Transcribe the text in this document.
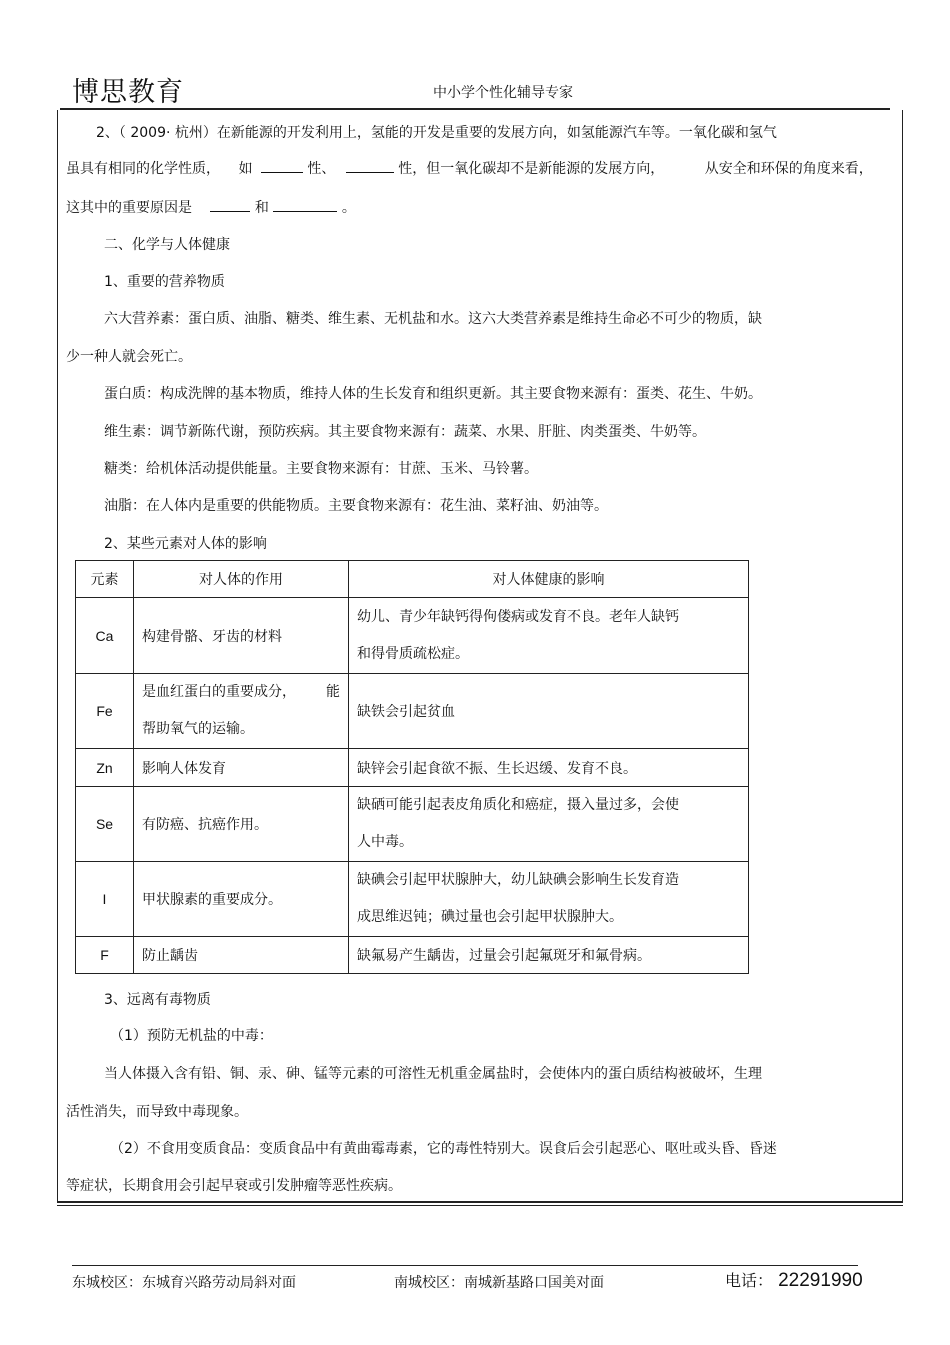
博思教育	中小学个性化辅导专家
2、（ 2009· 杭州）在新能源的开发利用上，氢能的开发是重要的发展方向，如氢能源汽车等。一氧化碳和氢气
虽具有相同的化学性质， 如	性、	性，但一氧化碳却不是新能源的发展方向，	从安全和环保的角度来看，
这其中的重要原因是	和	。
二、化学与人体健康
1、重要的营养物质
六大营养素：蛋白质、油脂、糖类、维生素、无机盐和水。这六大类营养素是维持生命必不可少的物质，缺
少一种人就会死亡。
蛋白质：构成洗牌的基本物质，维持人体的生长发育和组织更新。其主要食物来源有：蛋类、花生、牛奶。
维生素：调节新陈代谢，预防疾病。其主要食物来源有：蔬菜、水果、肝脏、肉类蛋类、牛奶等。
糖类：给机体活动提供能量。主要食物来源有：甘蔗、玉米、马铃薯。
油脂：在人体内是重要的供能物质。主要食物来源有：花生油、菜籽油、奶油等。
2、某些元素对人体的影响
元素	对人体的作用	对人体健康的影响
Ca	构建骨骼、牙齿的材料	幼儿、青少年缺钙得佝偻病或发育不良。老年人缺钙
和得骨质疏松症。

Fe	是血红蛋白的重要成分， 能
帮助氧气的运输。	缺铁会引起贫血
Zn	影响人体发育	缺锌会引起食欲不振、生长迟缓、发育不良。
Se	有防癌、抗癌作用。	缺硒可能引起表皮角质化和癌症，摄入量过多，会使
人中毒。

I	甲状腺素的重要成分。	缺碘会引起甲状腺肿大，幼儿缺碘会影响生长发育造
成思维迟钝；碘过量也会引起甲状腺肿大。

F	防止龋齿	缺氟易产生龋齿，过量会引起氟斑牙和氟骨病。
3、远离有毒物质
（1）预防无机盐的中毒：
当人体摄入含有铅、铜、汞、砷、锰等元素的可溶性无机重金属盐时，会使体内的蛋白质结构被破坏，生理
活性消失，而导致中毒现象。
（2）不食用变质食品：变质食品中有黄曲霉毒素，它的毒性特别大。误食后会引起恶心、呕吐或头昏、昏迷
等症状，长期食用会引起早衰或引发肿瘤等恶性疾病。
东城校区：东城育兴路劳动局斜对面	南城校区：南城新基路口国美对面	电话： 22291990
